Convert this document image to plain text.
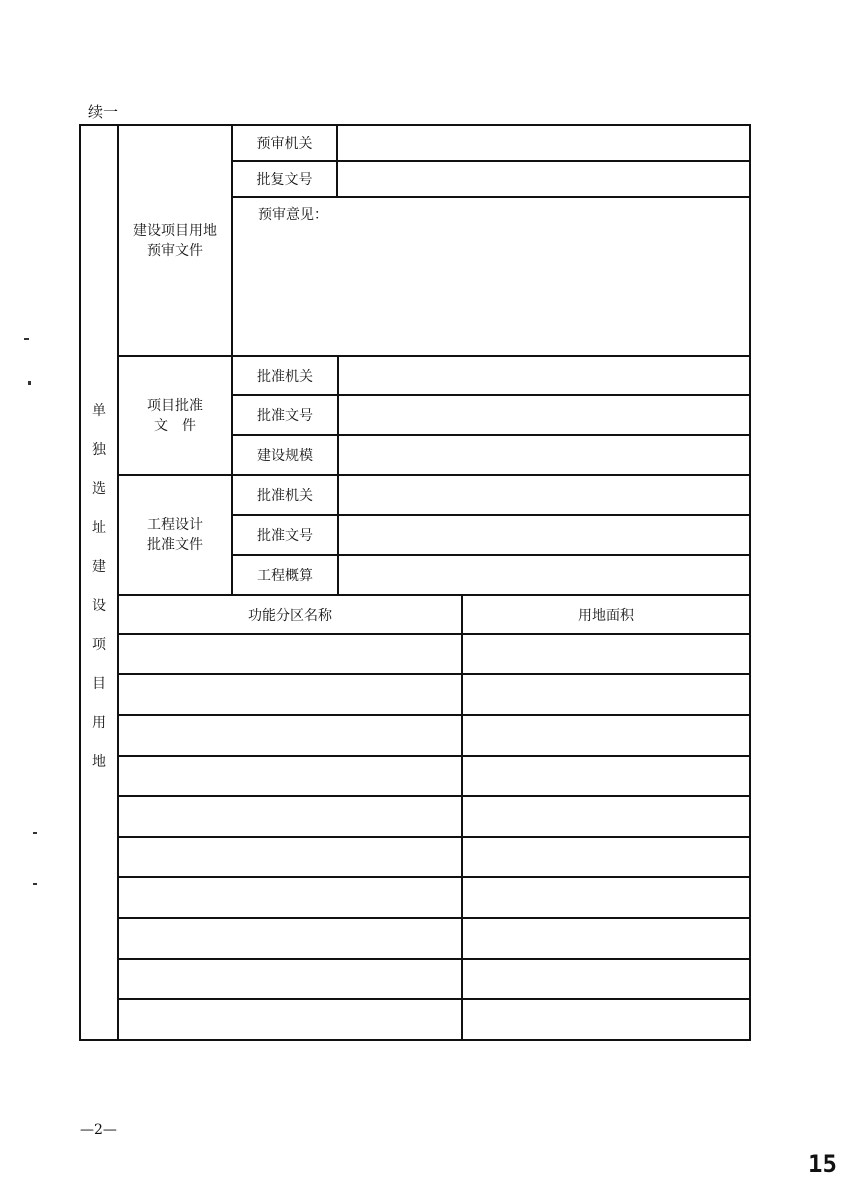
续一
单
独
选
址
建
设
项
目
用
地
建设项目用地
预审文件
项目批准
文　件
工程设计
批准文件
预审机关
批复文号
预审意见：
批准机关
批准文号
建设规模
批准机关
批准文号
工程概算
功能分区名称	用地面积
—2—
15
